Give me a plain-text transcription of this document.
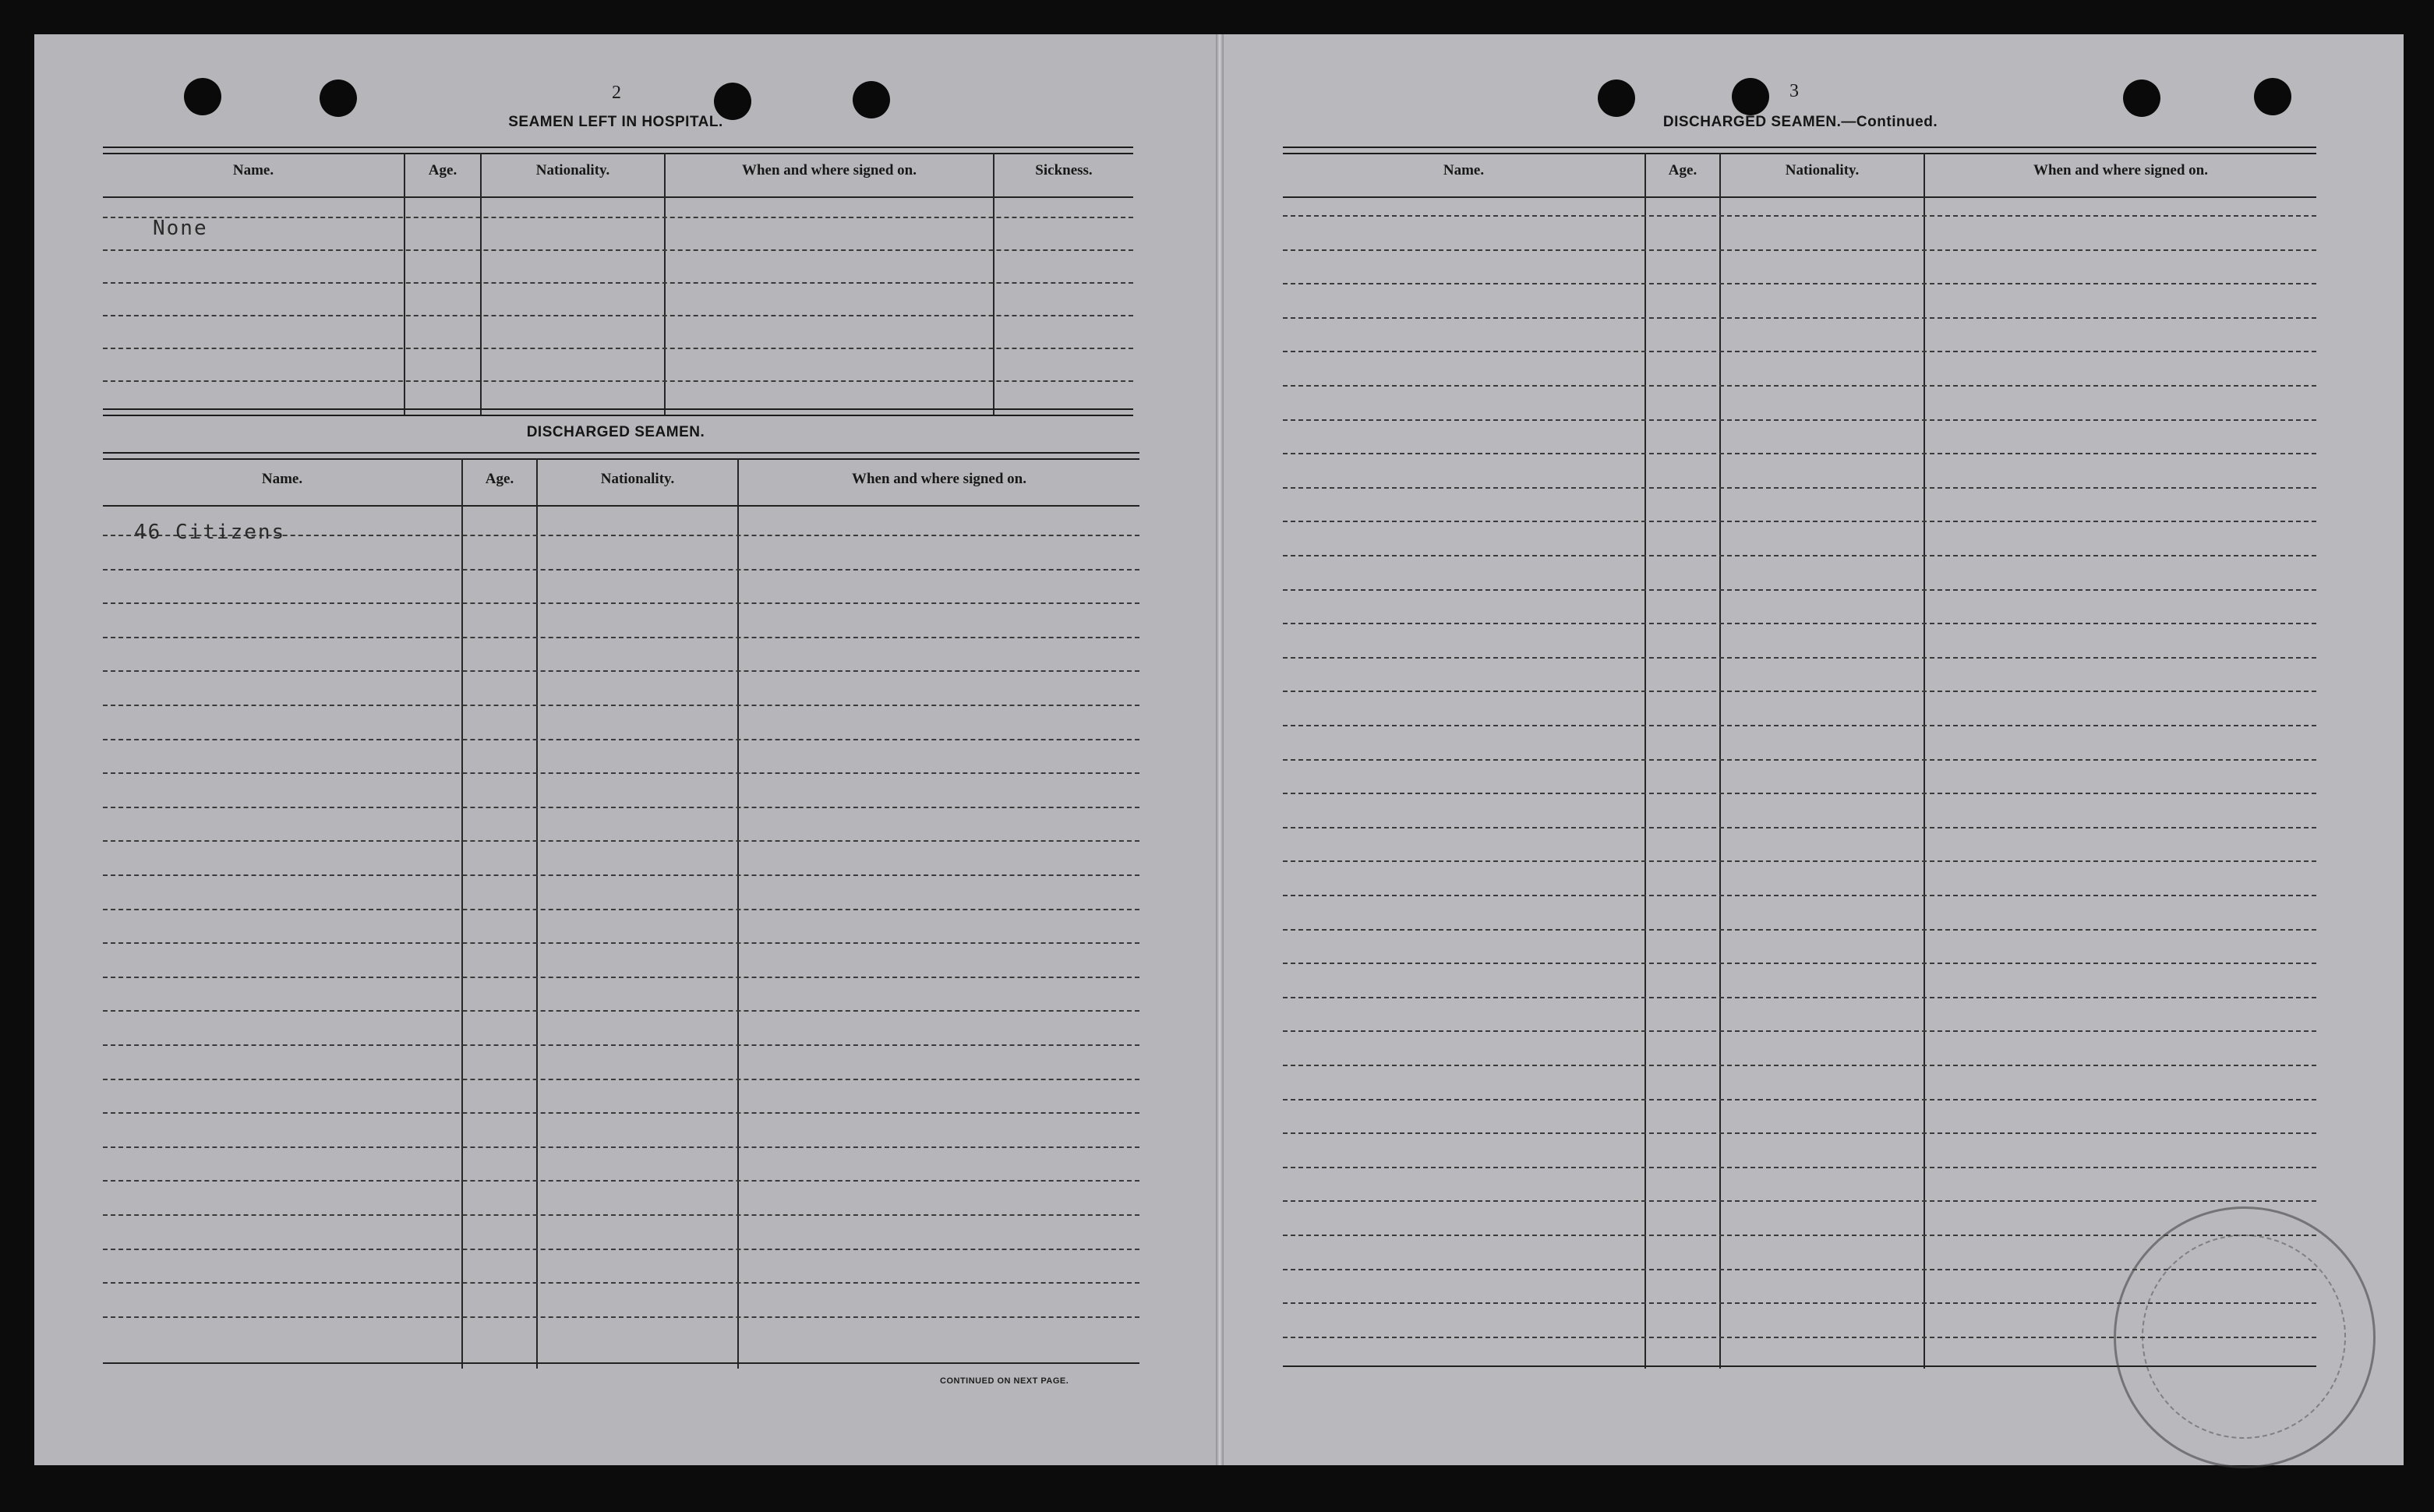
2
SEAMEN LEFT IN HOSPITAL.
Name.	Age.	Nationality.	When and where signed on.	Sickness.
None
DISCHARGED SEAMEN.
Name.	Age.	Nationality.	When and where signed on.
46 Citizens
CONTINUED ON NEXT PAGE.
3
DISCHARGED SEAMEN.—Continued.
Name.	Age.	Nationality.	When and where signed on.
